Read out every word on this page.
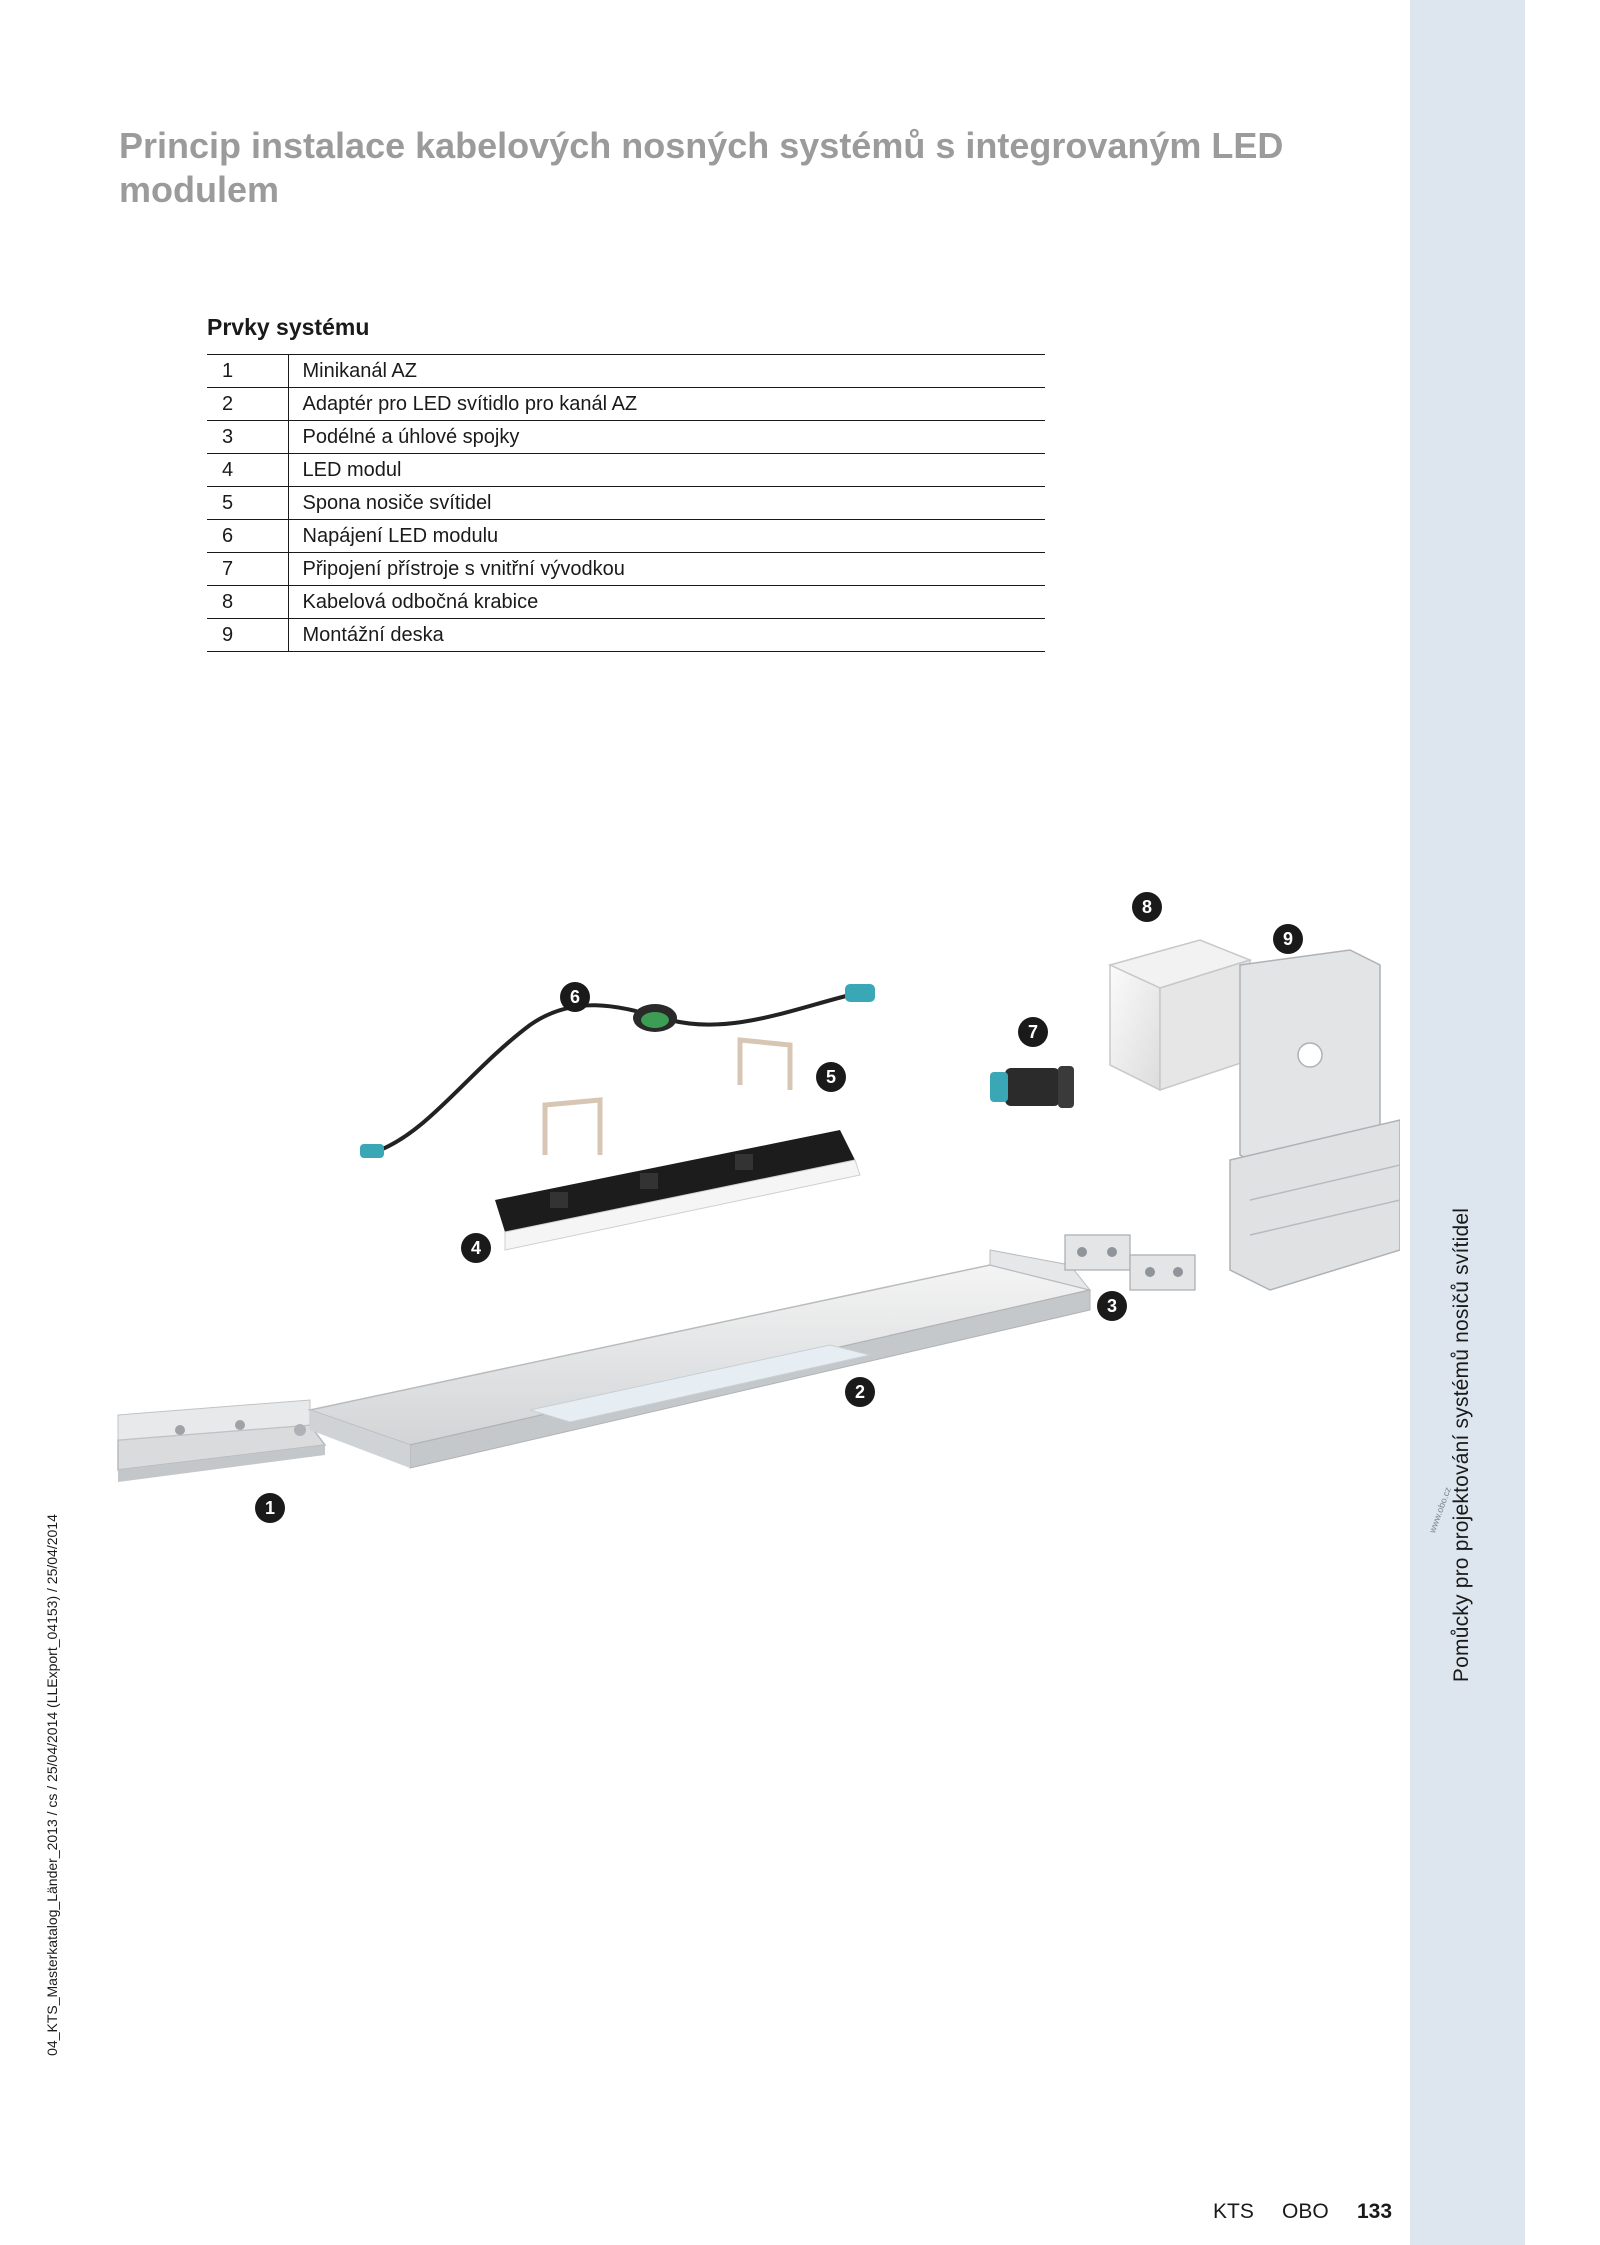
Pomůcky pro projektování systémů nosičů svítidel
www.obo.cz
04_KTS_Masterkatalog_Länder_2013 / cs / 25/04/2014 (LLExport_04153) / 25/04/2014
Princip instalace kabelových nosných systémů s integrovaným LED modulem
Prvky systému
1	Minikanál AZ
2	Adaptér pro LED svítidlo pro kanál AZ
3	Podélné a úhlové spojky
4	LED modul
5	Spona nosiče svítidel
6	Napájení LED modulu
7	Připojení přístroje s vnitřní vývodkou
8	Kabelová odbočná krabice
9	Montážní deska
1
2
3
4
5
6
7
8
9
KTS OBO 133
